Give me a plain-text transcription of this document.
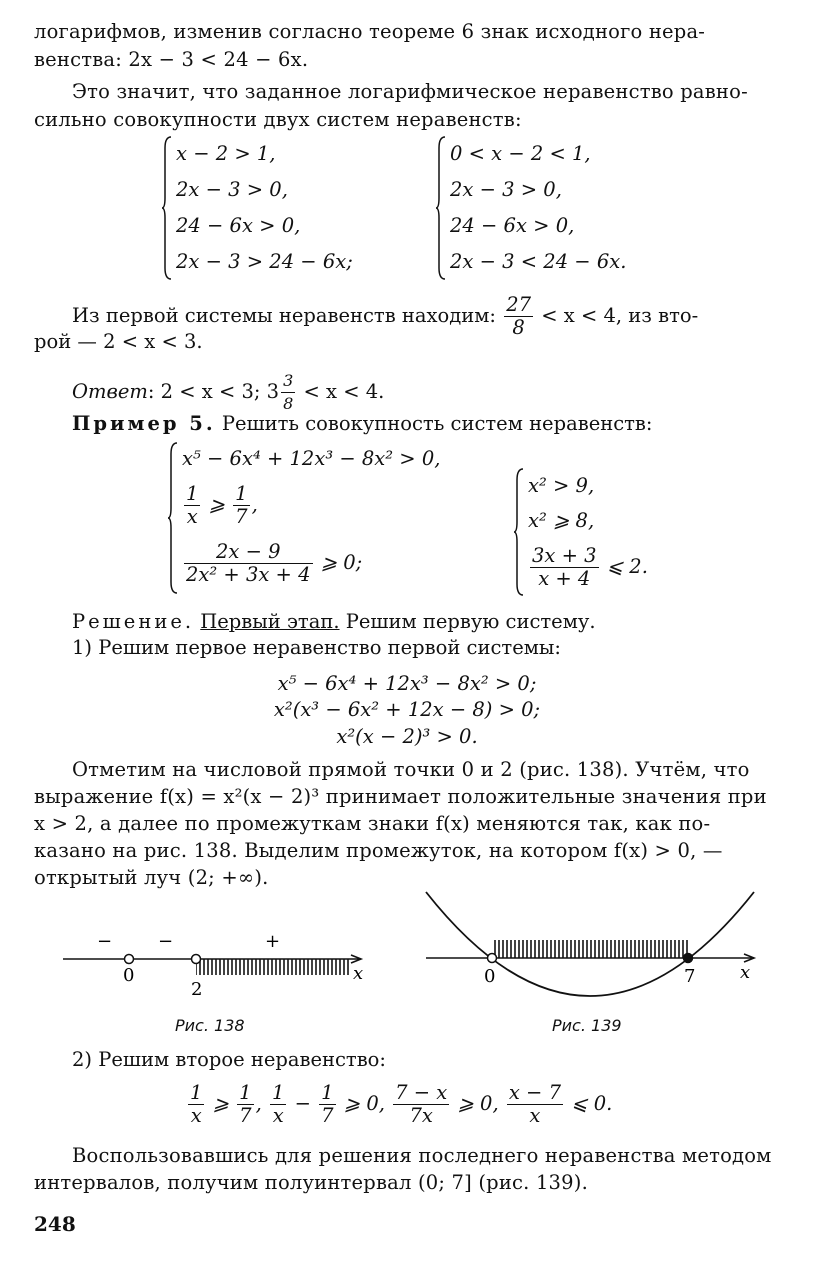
логарифмов, изменив согласно теореме 6 знак исходного нера-
венства: 2x − 3 < 24 − 6x.
Это значит, что заданное логарифмическое неравенство равно-
сильно совокупности двух систем неравенств:
x − 2 > 1,
2x − 3 > 0,
24 − 6x > 0,
2x − 3 > 24 − 6x;
0 < x − 2 < 1,
2x − 3 > 0,
24 − 6x > 0,
2x − 3 < 24 − 6x.
Из первой системы неравенств находим: $\frac{27}{8} < x < 4$, из вто-
рой — 2 < x < 3.
Ответ: 2 < x < 3; $3 \frac{3}{8} < x < 4$.
Пример 5. Решить совокупность систем неравенств:
x⁵ − 6x⁴ + 12x³ − 8x² > 0,
$\frac{1}{x}$ ⩾ $\frac{1}{7}$ ,
$\frac{2x - 9}{\text{2x² + 3x + 4}}$ ⩾ 0;
x² > 9,
x² ⩾ 8,
$\frac{3x + 3}{x + 4}$ ⩽ 2.
Решение. Первый этап. Решим первую систему.
1) Решим первое неравенство первой системы:
x⁵ − 6x⁴ + 12x³ − 8x² > 0;
x²(x³ − 6x² + 12x − 8) > 0;
x²(x − 2)³ > 0.
Отметим на числовой прямой точки 0 и 2 (рис. 138). Учтём, что
выражение f(x) = x²(x − 2)³ принимает положительные значения при
x > 2, а далее по промежуткам знаки f(x) меняются так, как по-
казано на рис. 138. Выделим промежуток, на котором f(x) > 0, —
открытый луч (2; +∞).
−	−	+
0
2
x
Рис. 138
0	7 x
Рис. 139
2) Решим второе неравенство:
$\frac{1}{x}$ ⩾ $\frac{1}{7}$ , $\frac{1}{x} - \frac{1}{7}$ ⩾ 0, $\frac{7 - x}{7x}$ ⩾ 0, $\frac{x - 7}{x}$ ⩽ 0.
Воспользовавшись для решения последнего неравенства методом
интервалов, получим полуинтервал (0; 7] (рис. 139).
248
